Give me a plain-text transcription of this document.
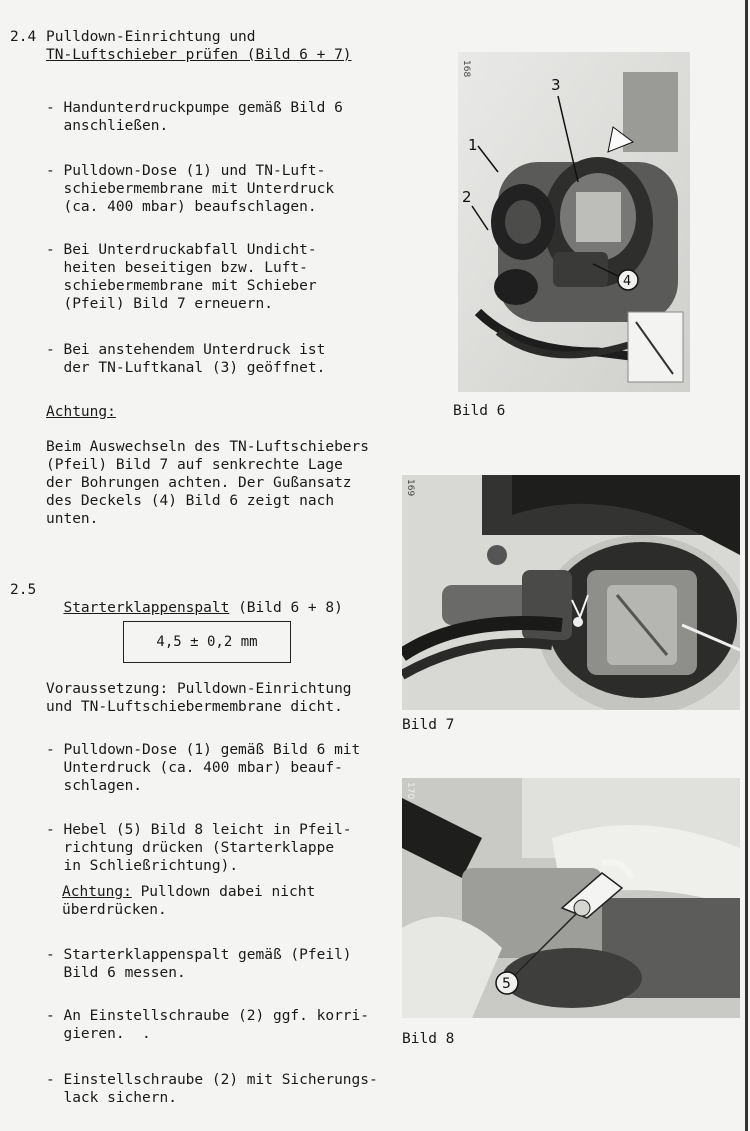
2.4 Pulldown-Einrichtung und
TN-Luftschieber prüfen (Bild 6 + 7)
- Handunterdruckpumpe gemäß Bild 6
anschließen.
- Pulldown-Dose (1) und TN-Luft-
schiebermembrane mit Unterdruck
(ca. 400 mbar) beaufschlagen.
- Bei Unterdruckabfall Undicht-
heiten beseitigen bzw. Luft-
schiebermembrane mit Schieber
(Pfeil) Bild 7 erneuern.
- Bei anstehendem Unterdruck ist
der TN-Luftkanal (3) geöffnet.
Achtung:
Beim Auswechseln des TN-Luftschiebers
(Pfeil) Bild 7 auf senkrechte Lage
der Bohrungen achten. Der Gußansatz
des Deckels (4) Bild 6 zeigt nach
unten.
2.5

Starterklappenspalt (Bild 6 + 8)

4,5 ± 0,2 mm
Voraussetzung: Pulldown-Einrichtung
und TN-Luftschiebermembrane dicht.
- Pulldown-Dose (1) gemäß Bild 6 mit
Unterdruck (ca. 400 mbar) beauf-
schlagen.
- Hebel (5) Bild 8 leicht in Pfeil-
richtung drücken (Starterklappe
in Schließrichtung).
Achtung: Pulldown dabei nicht
überdrücken.
- Starterklappenspalt gemäß (Pfeil)
Bild 6 messen.
- An Einstellschraube (2) ggf. korri-
gieren.  .
- Einstellschraube (2) mit Sicherungs-
lack sichern.
168
1
2
3
4
Bild 6
169
Bild 7
5
170
Bild 8
